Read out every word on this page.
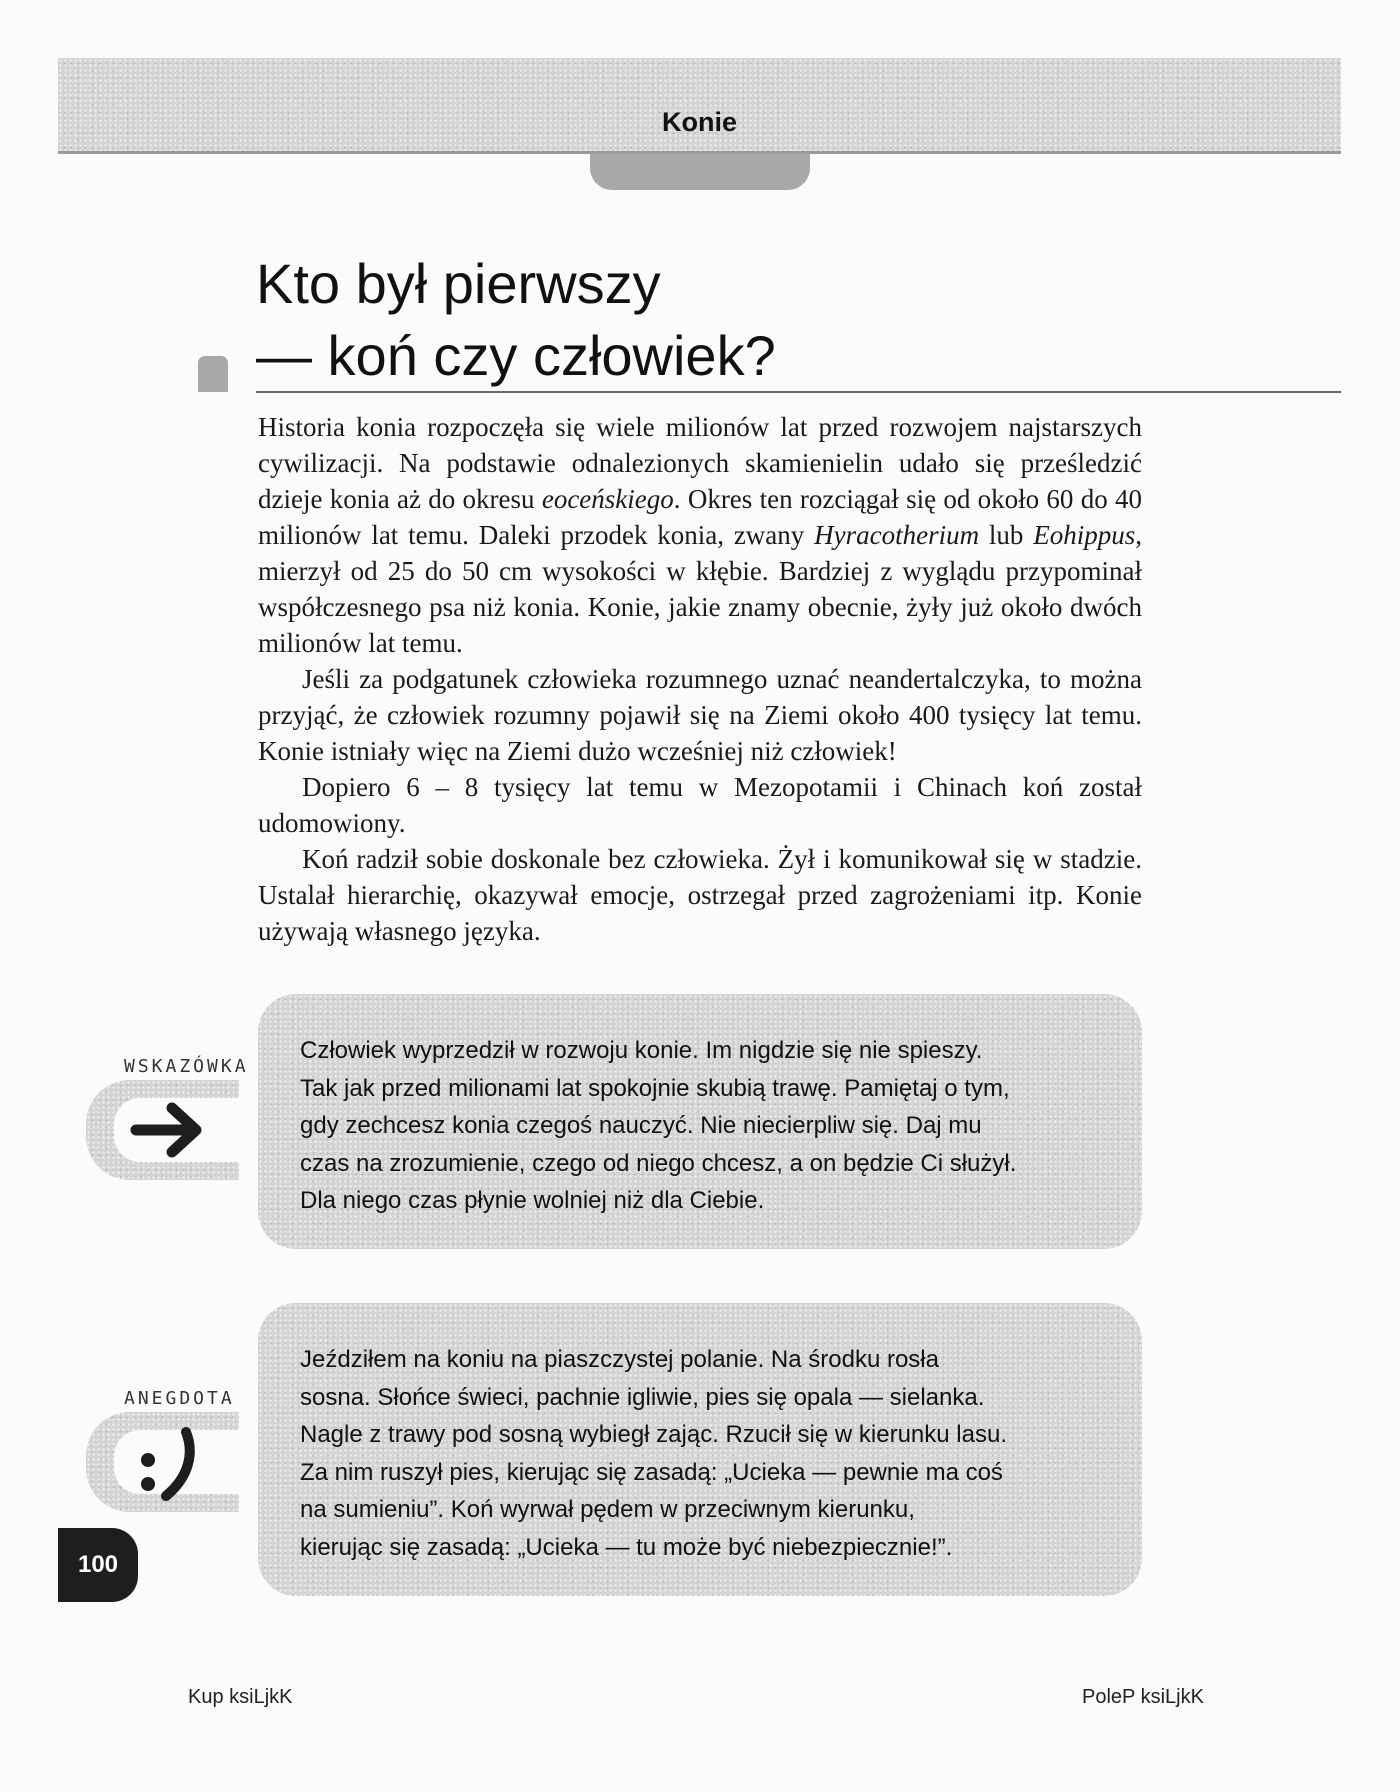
Konie
Kto był pierwszy
— koń czy człowiek?

Historia konia rozpoczęła się wiele milionów lat przed rozwojem najstarszych cywilizacji. Na podstawie odnalezionych skamienielin udało się prześledzić dzieje konia aż do okresu eoceńskiego. Okres ten rozciągał się od około 60 do 40 milionów lat temu. Daleki przodek konia, zwany Hyracotherium lub Eohippus, mierzył od 25 do 50 cm wysokości w kłębie. Bardziej z wyglądu przypominał współczesnego psa niż konia. Konie, jakie znamy obecnie, żyły już około dwóch milionów lat temu.

Jeśli za podgatunek człowieka rozumnego uznać neandertalczyka, to można przyjąć, że człowiek rozumny pojawił się na Ziemi około 400 tysięcy lat temu. Konie istniały więc na Ziemi dużo wcześniej niż człowiek!

Dopiero 6 – 8 tysięcy lat temu w Mezopotamii i Chinach koń został udomowiony.

Koń radził sobie doskonale bez człowieka. Żył i komunikował się w stadzie. Ustalał hierarchię, okazywał emocje, ostrzegał przed zagrożeniami itp. Konie używają własnego języka.

WSKAZÓWKA

Człowiek wyprzedził w rozwoju konie. Im nigdzie się nie spieszy.
Tak jak przed milionami lat spokojnie skubią trawę. Pamiętaj o tym,
gdy zechcesz konia czegoś nauczyć. Nie niecierpliw się. Daj mu
czas na zrozumienie, czego od niego chcesz, a on będzie Ci służył.
Dla niego czas płynie wolniej niż dla Ciebie.

ANEGDOTA

Jeździłem na koniu na piaszczystej polanie. Na środku rosła
sosna. Słońce świeci, pachnie igliwie, pies się opala — sielanka.
Nagle z trawy pod sosną wybiegł zając. Rzucił się w kierunku lasu.
Za nim ruszył pies, kierując się zasadą: „Ucieka — pewnie ma coś
na sumieniu”. Koń wyrwał pędem w przeciwnym kierunku,
kierując się zasadą: „Ucieka — tu może być niebezpiecznie!”.

100
Kup ksiLjkK	PoleP ksiLjkK
